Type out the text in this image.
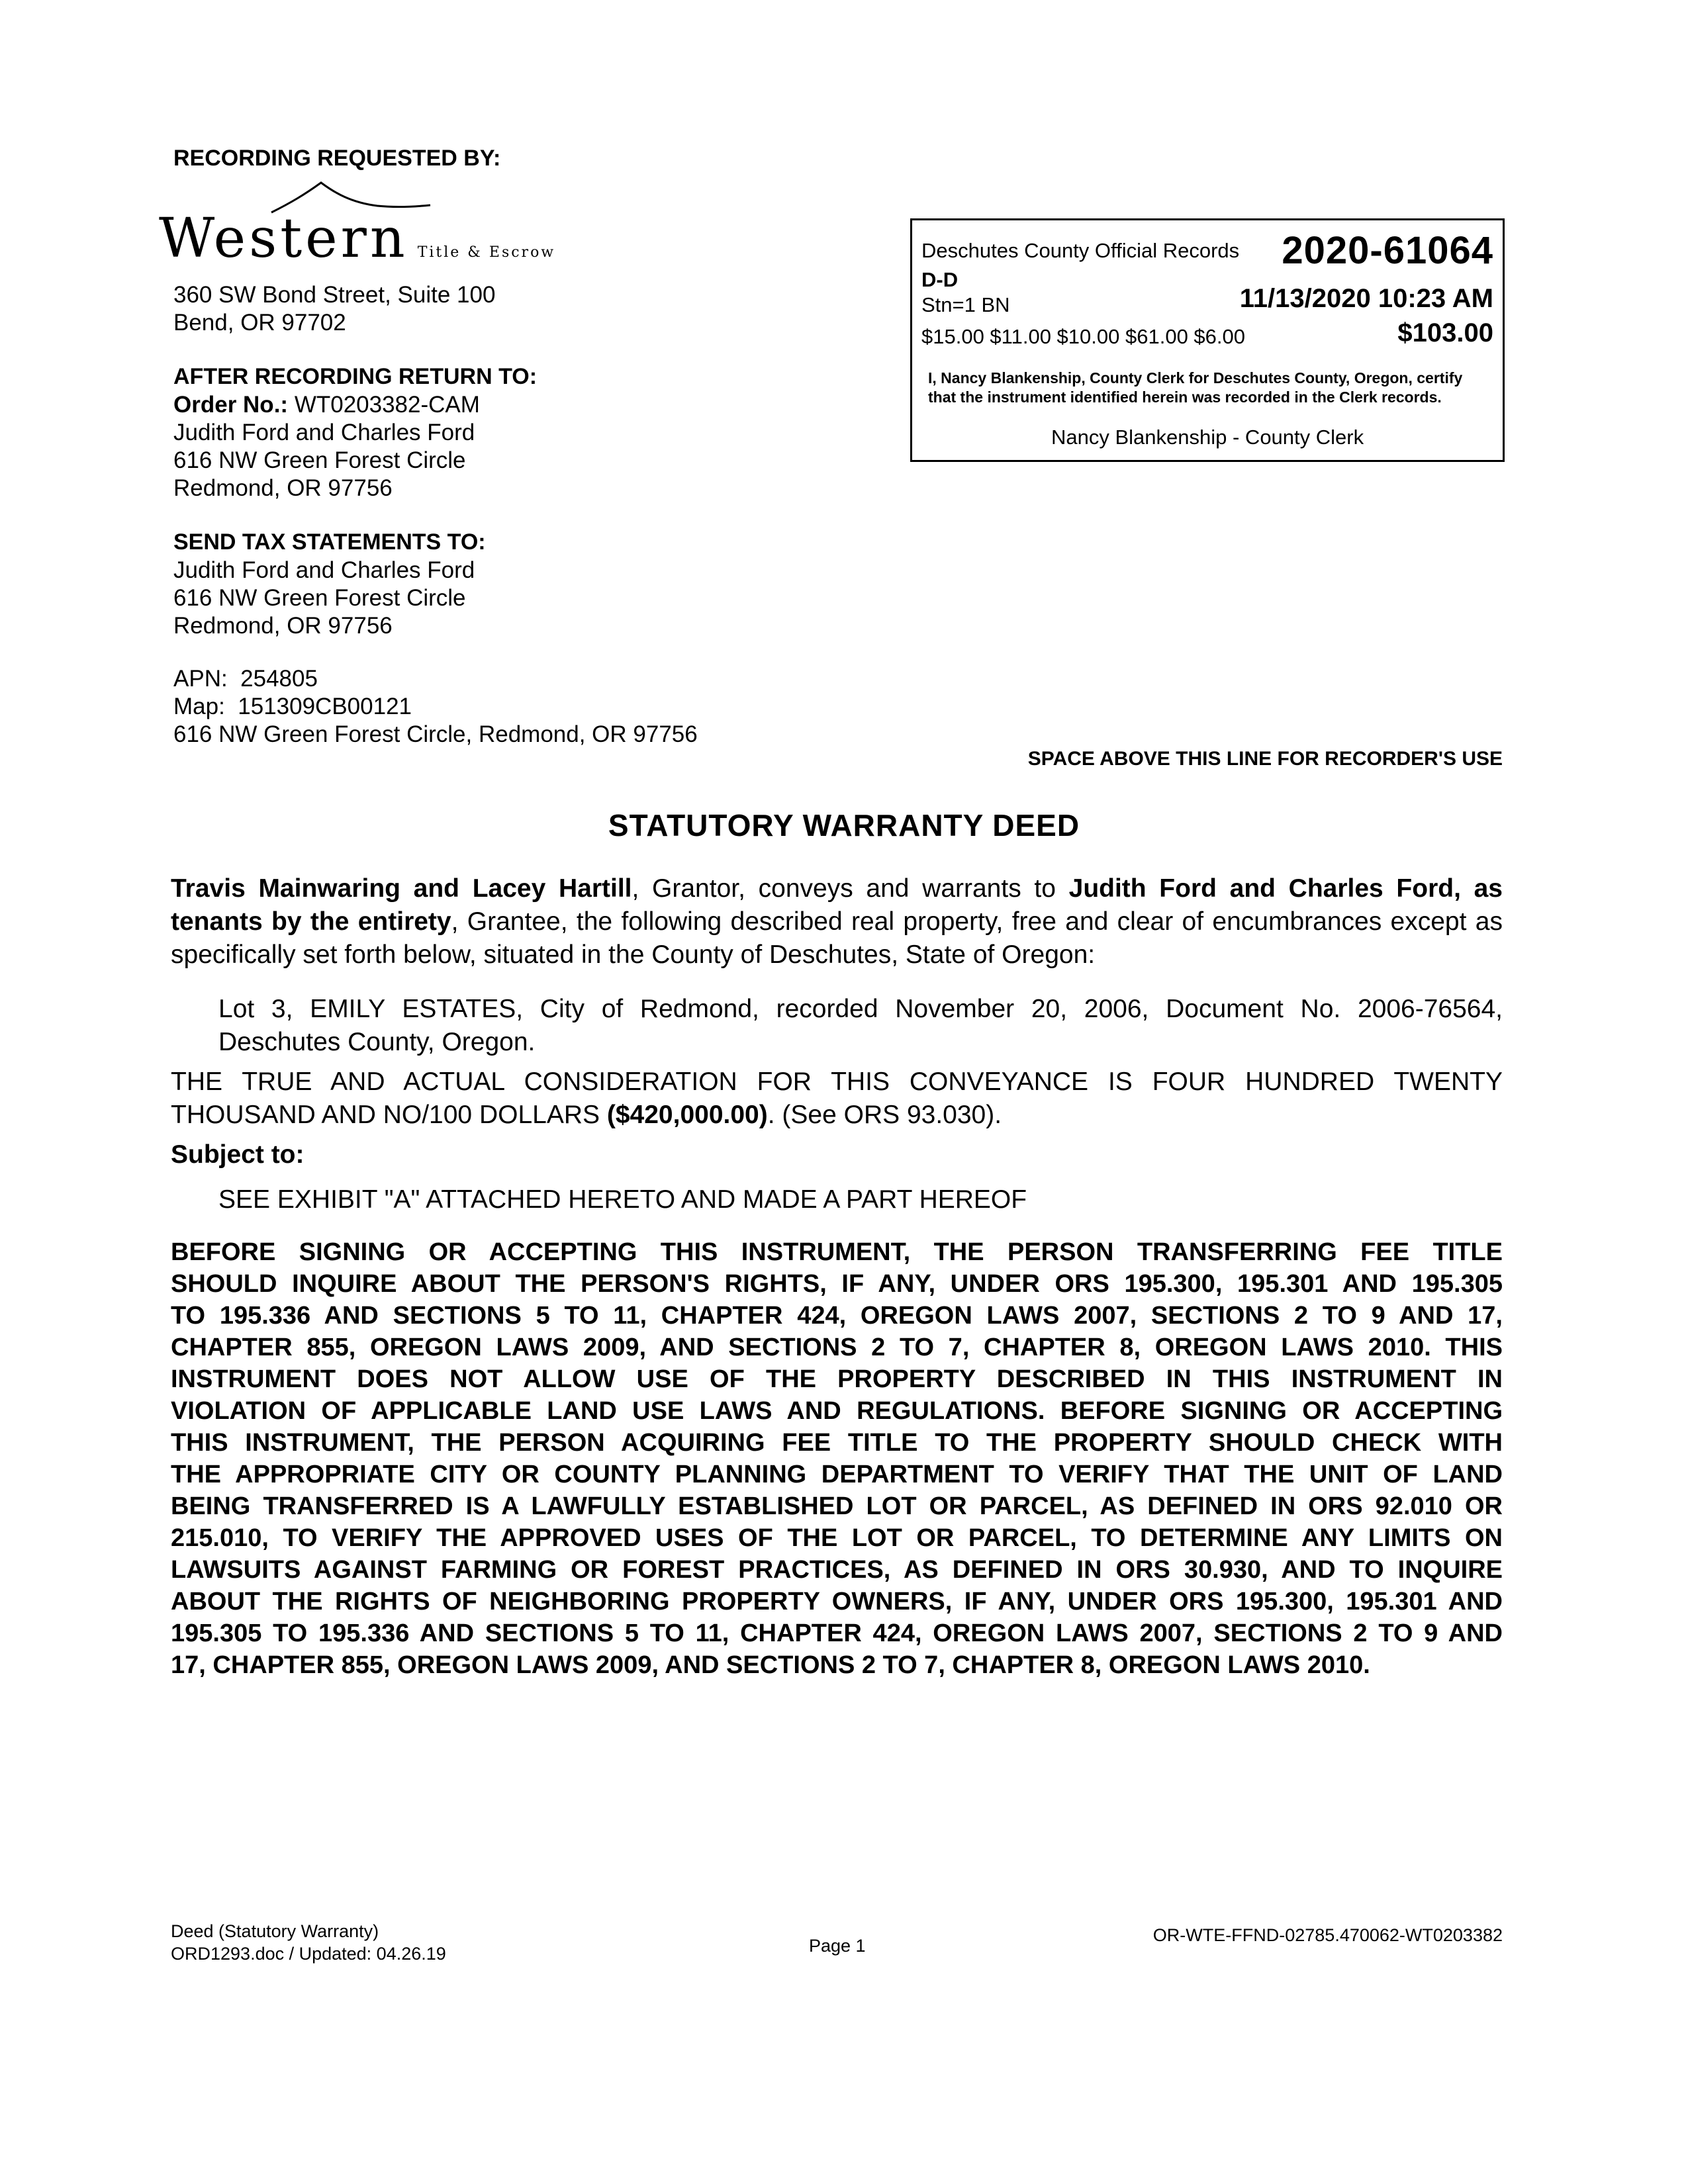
RECORDING REQUESTED BY:
Western Title & Escrow
360 SW Bond Street, Suite 100
Bend, OR 97702
AFTER RECORDING RETURN TO:
Order No.: WT0203382-CAM
Judith Ford and Charles Ford
616 NW Green Forest Circle
Redmond, OR 97756
SEND TAX STATEMENTS TO:
Judith Ford and Charles Ford
616 NW Green Forest Circle
Redmond, OR 97756
APN: 254805
Map: 151309CB00121
616 NW Green Forest Circle, Redmond, OR 97756
Deschutes County Official Records 2020-61064
D-D
Stn=1 BN	11/13/2020 10:23 AM
$15.00 $11.00 $10.00 $61.00 $6.00	$103.00
I, Nancy Blankenship, County Clerk for Deschutes County, Oregon, certify that the instrument identified herein was recorded in the Clerk records.
Nancy Blankenship - County Clerk
SPACE ABOVE THIS LINE FOR RECORDER'S USE
STATUTORY WARRANTY DEED
Travis Mainwaring and Lacey Hartill, Grantor, conveys and warrants to Judith Ford and Charles Ford, as tenants by the entirety, Grantee, the following described real property, free and clear of encumbrances except as specifically set forth below, situated in the County of Deschutes, State of Oregon:
Lot 3, EMILY ESTATES, City of Redmond, recorded November 20, 2006, Document No. 2006-76564, Deschutes County, Oregon.
THE TRUE AND ACTUAL CONSIDERATION FOR THIS CONVEYANCE IS FOUR HUNDRED TWENTY THOUSAND AND NO/100 DOLLARS ($420,000.00). (See ORS 93.030).
Subject to:
SEE EXHIBIT "A" ATTACHED HERETO AND MADE A PART HEREOF
BEFORE SIGNING OR ACCEPTING THIS INSTRUMENT, THE PERSON TRANSFERRING FEE TITLE
SHOULD INQUIRE ABOUT THE PERSON'S RIGHTS, IF ANY, UNDER ORS 195.300, 195.301 AND 195.305
TO 195.336 AND SECTIONS 5 TO 11, CHAPTER 424, OREGON LAWS 2007, SECTIONS 2 TO 9 AND 17,
CHAPTER 855, OREGON LAWS 2009, AND SECTIONS 2 TO 7, CHAPTER 8, OREGON LAWS 2010. THIS
INSTRUMENT DOES NOT ALLOW USE OF THE PROPERTY DESCRIBED IN THIS INSTRUMENT IN
VIOLATION OF APPLICABLE LAND USE LAWS AND REGULATIONS. BEFORE SIGNING OR ACCEPTING
THIS INSTRUMENT, THE PERSON ACQUIRING FEE TITLE TO THE PROPERTY SHOULD CHECK WITH
THE APPROPRIATE CITY OR COUNTY PLANNING DEPARTMENT TO VERIFY THAT THE UNIT OF LAND
BEING TRANSFERRED IS A LAWFULLY ESTABLISHED LOT OR PARCEL, AS DEFINED IN ORS 92.010 OR
215.010, TO VERIFY THE APPROVED USES OF THE LOT OR PARCEL, TO DETERMINE ANY LIMITS ON
LAWSUITS AGAINST FARMING OR FOREST PRACTICES, AS DEFINED IN ORS 30.930, AND TO INQUIRE
ABOUT THE RIGHTS OF NEIGHBORING PROPERTY OWNERS, IF ANY, UNDER ORS 195.300, 195.301 AND
195.305 TO 195.336 AND SECTIONS 5 TO 11, CHAPTER 424, OREGON LAWS 2007, SECTIONS 2 TO 9 AND
17, CHAPTER 855, OREGON LAWS 2009, AND SECTIONS 2 TO 7, CHAPTER 8, OREGON LAWS 2010.
Deed (Statutory Warranty)
ORD1293.doc / Updated: 04.26.19	Page 1
OR-WTE-FFND-02785.470062-WT0203382
